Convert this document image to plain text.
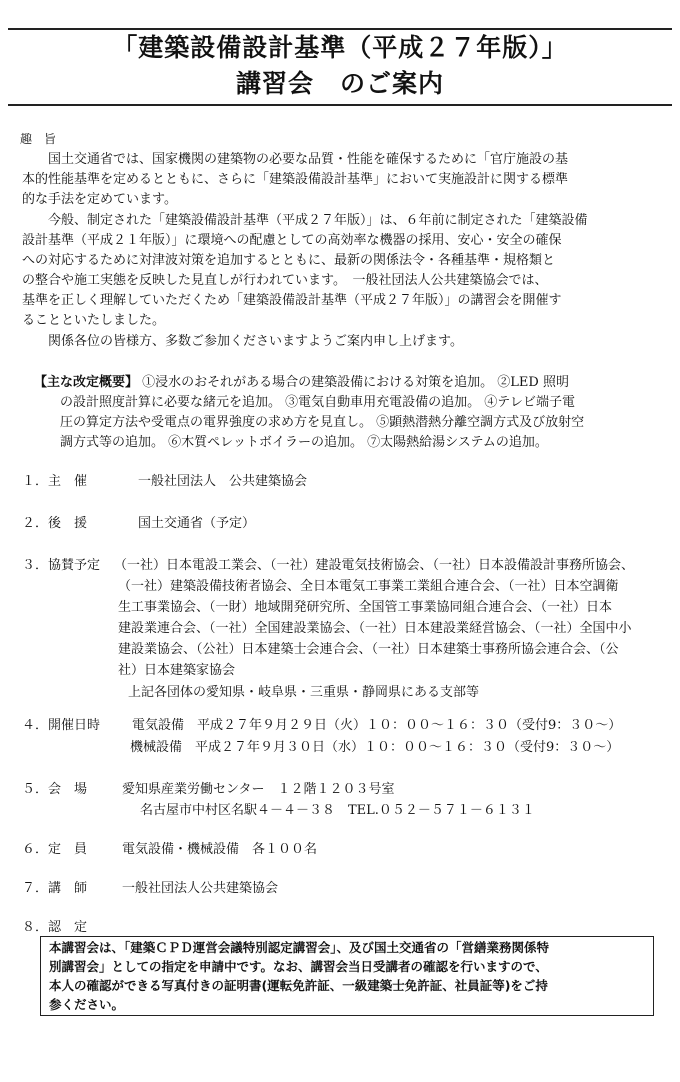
「建築設備設計基準（平成２７年版）」
講習会　のご案内
趣　旨
国土交通省では、国家機関の建築物の必要な品質・性能を確保するために「官庁施設の基
本的性能基準を定めるとともに、さらに「建築設備設計基準」において実施設計に関する標準
的な手法を定めています。
今般、制定された「建築設備設計基準（平成２７年版）」は、６年前に制定された「建築設備
設計基準（平成２１年版）」に環境への配慮としての高効率な機器の採用、安心・安全の確保
への対応するために対津波対策を追加するとともに、最新の関係法令・各種基準・規格類と
の整合や施工実態を反映した見直しが行われています。　一般社団法人公共建築協会では、
基準を正しく理解していただくため「建築設備設計基準（平成２７年版）」の講習会を開催す
ることといたしました。
関係各位の皆様方、多数ご参加くださいますようご案内申し上げます。
【主な改定概要】 ①浸水のおそれがある場合の建築設備における対策を追加。 ②LED 照明
の設計照度計算に必要な緒元を追加。 ③電気自動車用充電設備の追加。 ④テレビ端子電
圧の算定方法や受電点の電界強度の求め方を見直し。 ⑤顕熱潜熱分離空調方式及び放射空
調方式等の追加。 ⑥木質ペレットボイラーの追加。 ⑦太陽熱給湯システムの追加。
１．主　催	一般社団法人　公共建築協会
２．後　援	国土交通省（予定）
３．協賛予定 （一社）日本電設工業会、（一社）建設電気技術協会、（一社）日本設備設計事務所協会、
（一社）建築設備技術者協会、全日本電気工事業工業組合連合会、（一社）日本空調衛
生工事業協会、（一財）地域開発研究所、全国管工事業協同組合連合会、（一社）日本
建設業連合会、（一社）全国建設業協会、（一社）日本建設業経営協会、（一社）全国中小
建設業協会、（公社）日本建築士会連合会、（一社）日本建築士事務所協会連合会、（公
社）日本建築家協会
上記各団体の愛知県・岐阜県・三重県・静岡県にある支部等
４．開催日時 電気設備　平成２７年９月２９日（火）１０：００～１６：３０（受付9：３０～）
機械設備　平成２７年９月３０日（水）１０：００～１６：３０（受付9：３０～）
５．会　場	愛知県産業労働センター　１２階１２０３号室
名古屋市中村区名駅４－４－３８　TEL.０５２－５７１－６１３１
６．定　員	電気設備・機械設備　各１００名
７．講　師	一般社団法人公共建築協会
８．認　定
本講習会は、「建築ＣＰＤ運営会議特別認定講習会」、及び国土交通省の「営繕業務関係特
別講習会」としての指定を申請中です。なお、講習会当日受講者の確認を行いますので、
本人の確認ができる写真付きの証明書(運転免許証、一級建築士免許証、社員証等)をご持
参ください。
